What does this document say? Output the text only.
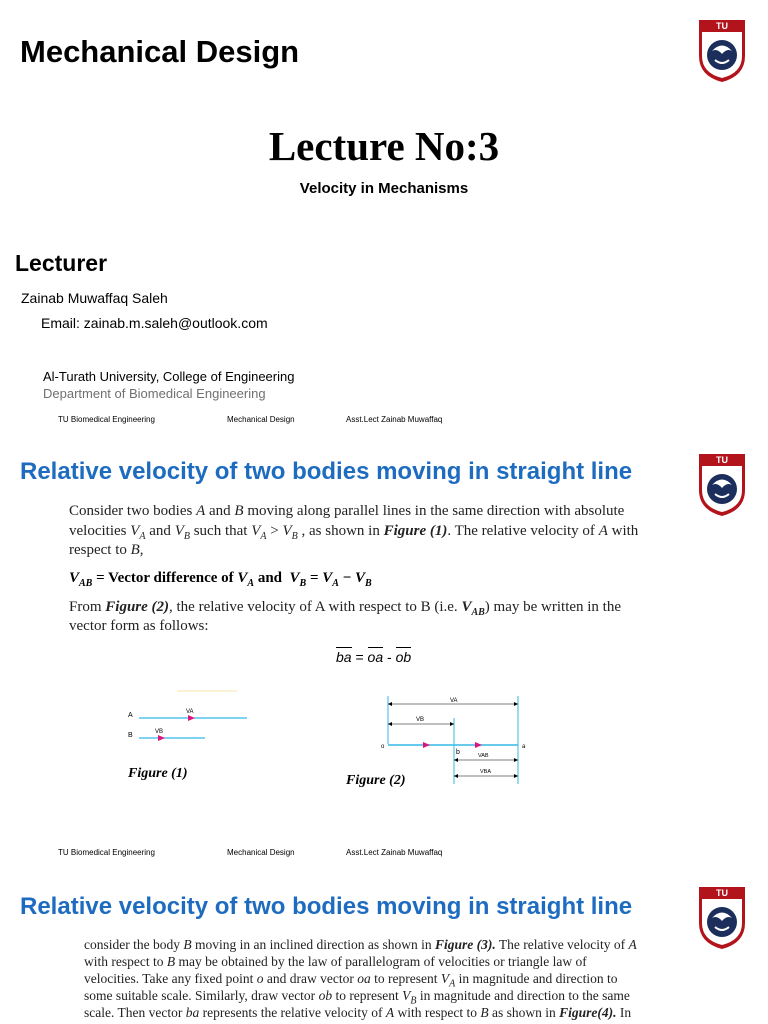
Mechanical Design
TU
Lecture No:3
Velocity in Mechanisms
Lecturer
Zainab Muwaffaq Saleh
Email: zainab.m.saleh@outlook.com
Al-Turath University, College of Engineering
Department of Biomedical Engineering
TU Biomedical Engineering	Mechanical Design	Asst.Lect Zainab Muwaffaq
Relative velocity of two bodies moving in straight line	TU
Consider two bodies A and B moving along parallel lines in the same direction with absolute
velocities $V_A$ and $V_B$ such that $V_A > V_B$ , as shown in Figure (1). The relative velocity of A with
respect to B,
$V_{AB}$ = Vector difference of $V_A$ and $V_B = V_A - V_B$
From Figure (2), the relative velocity of A with respect to B (i.e. $V_{AB}$) may be written in the
vector form as follows:
ba = oa - ob
A
B
VA
VB
Figure (1)
o	a
b
VA
VB
VAB
VBA
Figure (2)
TU Biomedical Engineering	Mechanical Design	Asst.Lect Zainab Muwaffaq
Relative velocity of two bodies moving in straight line	TU
consider the body B moving in an inclined direction as shown in Figure (3). The relative velocity of A
with respect to B may be obtained by the law of parallelogram of velocities or triangle law of
velocities. Take any fixed point o and draw vector oa to represent $V_A$ in magnitude and direction to
some suitable scale. Similarly, draw vector ob to represent $V_B$ in magnitude and direction to the same
scale. Then vector ba represents the relative velocity of A with respect to B as shown in Figure(4). In
